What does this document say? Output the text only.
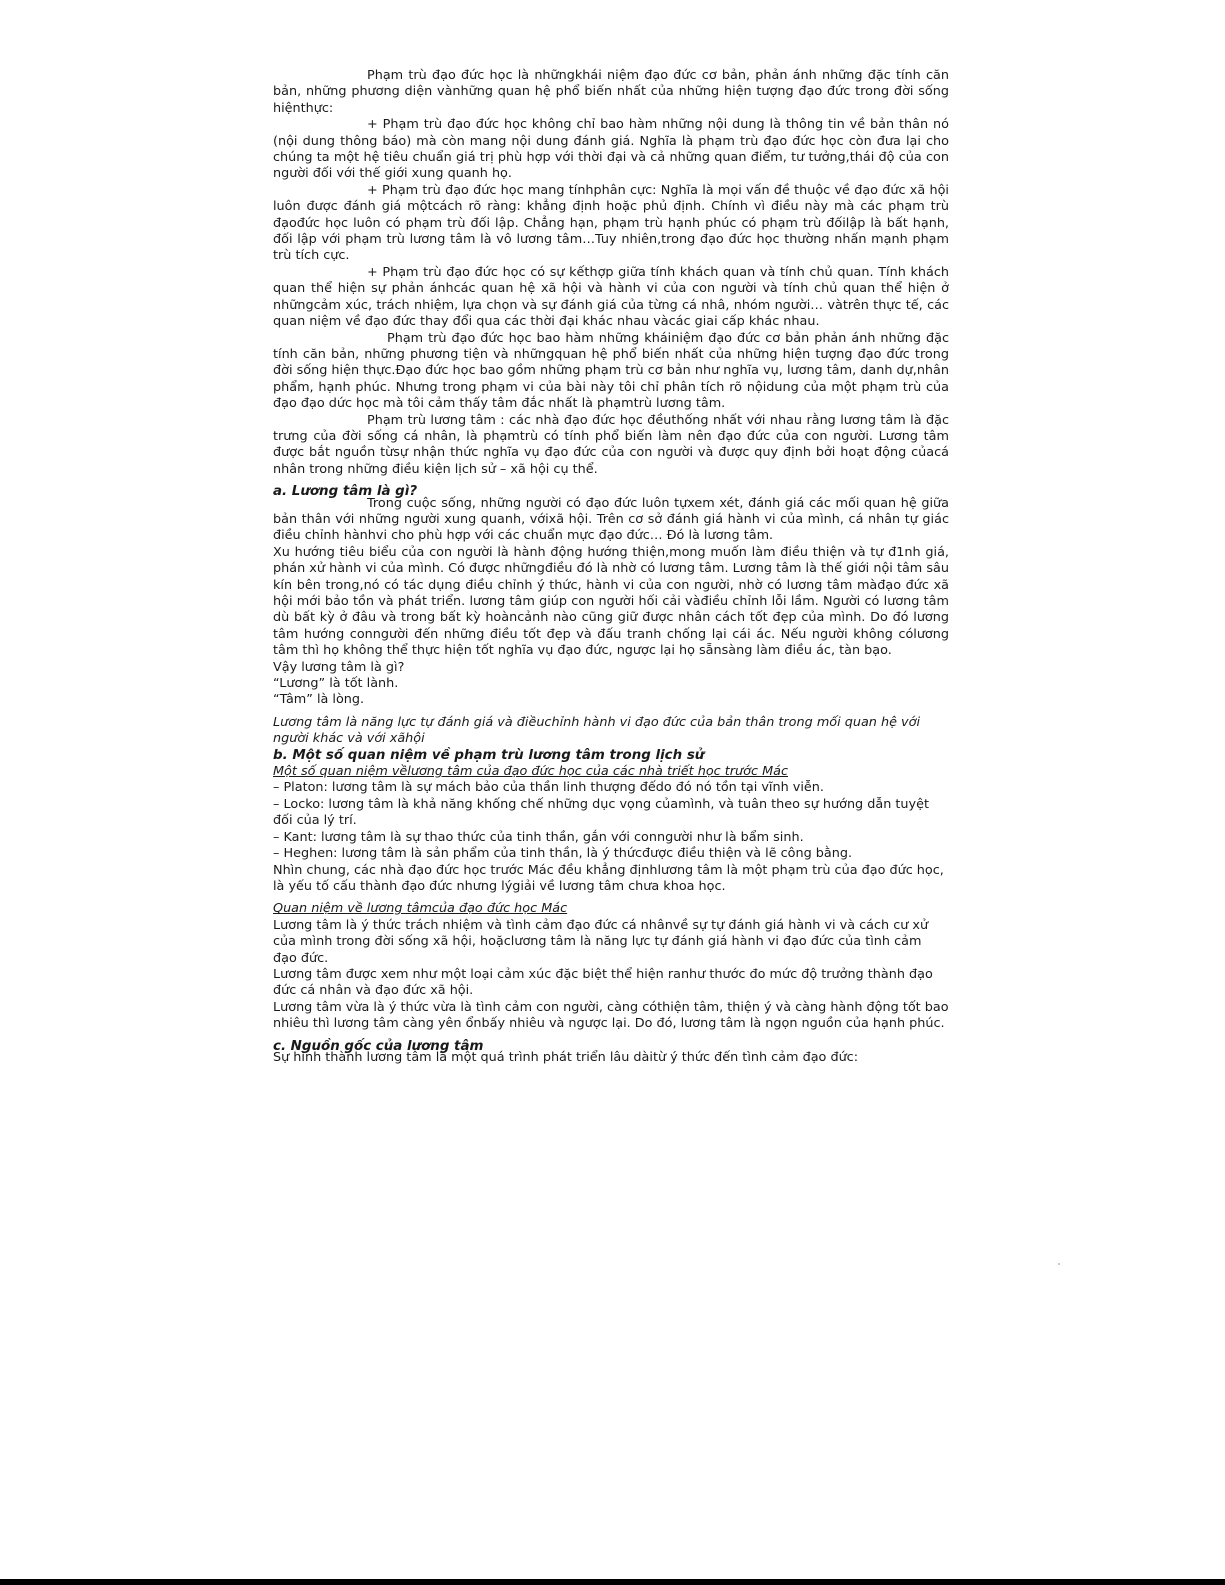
Phạm trù đạo đức học là nhữngkhái niệm đạo đức cơ bản, phản ánh những đặc tính căn bản, những phương diện vànhững quan hệ phổ biến nhất của những hiện tượng đạo đức trong đời sống hiệnthực:

+ Phạm trù đạo đức học không chỉ bao hàm những nội dung là thông tin về bản thân nó (nội dung thông báo) mà còn mang nội dung đánh giá. Nghĩa là phạm trù đạo đức học còn đưa lại cho chúng ta một hệ tiêu chuẩn giá trị phù hợp với thời đại và cả những quan điểm, tư tưởng,thái độ của con người đối với thế giới xung quanh họ.

+ Phạm trù đạo đức học mang tínhphân cực: Nghĩa là mọi vấn đề thuộc về đạo đức xã hội luôn được đánh giá mộtcách rõ ràng: khẳng định hoặc phủ định. Chính vì điều này mà các phạm trù đạođức học luôn có phạm trù đối lập. Chẳng hạn, phạm trù hạnh phúc có phạm trù đốilập là bất hạnh, đối lập với phạm trù lương tâm là vô lương tâm…Tuy nhiên,trong đạo đức học thường nhấn mạnh phạm trù tích cực.

+ Phạm trù đạo đức học có sự kếthợp giữa tính khách quan và tính chủ quan. Tính khách quan thể hiện sự phản ánhcác quan hệ xã hội và hành vi của con người và tính chủ quan thể hiện ở nhữngcảm xúc, trách nhiệm, lựa chọn và sự đánh giá của từng cá nhâ, nhóm người… vàtrên thực tế, các quan niệm về đạo đức thay đổi qua các thời đại khác nhau vàcác giai cấp khác nhau.

Phạm trù đạo đức học bao hàm những kháiniệm đạo đức cơ bản phản ánh những đặc tính căn bản, những phương tiện và nhữngquan hệ phổ biến nhất của những hiện tượng đạo đức trong đời sống hiện thực.Đạo đức học bao gồm những phạm trù cơ bản như nghĩa vụ, lương tâm, danh dự,nhân phẩm, hạnh phúc. Nhưng trong phạm vi của bài này tôi chỉ phân tích rõ nộidung của một phạm trù của đạo đạo dức học mà tôi cảm thấy tâm đắc nhất là phạmtrù lương tâm.

Phạm trù lương tâm : các nhà đạo đức học đềuthống nhất với nhau rằng lương tâm là đặc trưng của đời sống cá nhân, là phạmtrù có tính phổ biến làm nên đạo đức của con người. Lương tâm được bắt nguồn từsự nhận thức nghĩa vụ đạo đức của con người và được quy định bởi hoạt động củacá nhân trong những điều kiện lịch sử – xã hội cụ thể.

a. Lương tâm là gì?

Trong cuộc sống, những người có đạo đức luôn tựxem xét, đánh giá các mối quan hệ giữa bản thân với những người xung quanh, vớixã hội. Trên cơ sở đánh giá hành vi của mình, cá nhân tự giác điều chỉnh hànhvi cho phù hợp với các chuẩn mực đạo đức… Đó là lương tâm.

Xu hướng tiêu biểu của con người là hành động hướng thiện,mong muốn làm điều thiện và tự đ1nh giá, phán xử hành vi của mình. Có được nhữngđiều đó là nhờ có lương tâm. Lương tâm là thế giới nội tâm sâu kín bên trong,nó có tác dụng điều chỉnh ý thức, hành vi của con người, nhờ có lương tâm màđạo đức xã hội mới bảo tồn và phát triển. lương tâm giúp con người hối cải vàđiều chỉnh lỗi lầm. Người có lương tâm dù bất kỳ ở đâu và trong bất kỳ hoàncảnh nào cũng giữ được nhân cách tốt đẹp của mình. Do đó lương tâm hướng conngười đến những điều tốt đẹp và đấu tranh chống lại cái ác. Nếu người không cólương tâm thì họ không thể thực hiện tốt nghĩa vụ đạo đức, ngược lại họ sẵnsàng làm điều ác, tàn bạo.

Vậy lương tâm là gì?

“Lương” là tốt lành.

“Tâm” là lòng.

Lương tâm là năng lực tự đánh giá và điềuchỉnh hành vi đạo đức của bản thân trong mối quan hệ với người khác và với xãhội

b. Một số quan niệm về phạm trù lương tâm trong lịch sử

Một số quan niệm vềlương tâm của đạo đức học của các nhà triết học trước Mác

– Platon: lương tâm là sự mách bảo của thần linh thượng đếdo đó nó tồn tại vĩnh viễn.

– Locko: lương tâm là khả năng khống chế những dục vọng củamình, và tuân theo sự hướng dẫn tuyệt đối của lý trí.

– Kant: lương tâm là sự thao thức của tinh thần, gắn với conngười như là bẩm sinh.

– Heghen: lương tâm là sản phẩm của tinh thần, là ý thứcđược điều thiện và lẽ công bằng.

Nhìn chung, các nhà đạo đức học trước Mác đều khẳng địnhlương tâm là một phạm trù của đạo đức học, là yếu tố cấu thành đạo đức nhưng lýgiải về lương tâm chưa khoa học.

Quan niệm về lương tâmcủa đạo đức học Mác

Lương tâm là ý thức trách nhiệm và tình cảm đạo đức cá nhânvề sự tự đánh giá hành vi và cách cư xử của mình trong đời sống xã hội, hoặclương tâm là năng lực tự đánh giá hành vi đạo đức của tình cảm đạo đức.

Lương tâm được xem như một loại cảm xúc đặc biệt thể hiện ranhư thước đo mức độ trưởng thành đạo đức cá nhân và đạo đức xã hội.

Lương tâm vừa là ý thức vừa là tình cảm con người, càng cóthiện tâm, thiện ý và càng hành động tốt bao nhiêu thì lương tâm càng yên ổnbấy nhiêu và ngược lại. Do đó, lương tâm là ngọn nguồn của hạnh phúc.

c. Nguồn gốc của lương tâm

Sự hình thành lương tâm là một quá trình phát triển lâu dàitừ ý thức đến tình cảm đạo đức:
